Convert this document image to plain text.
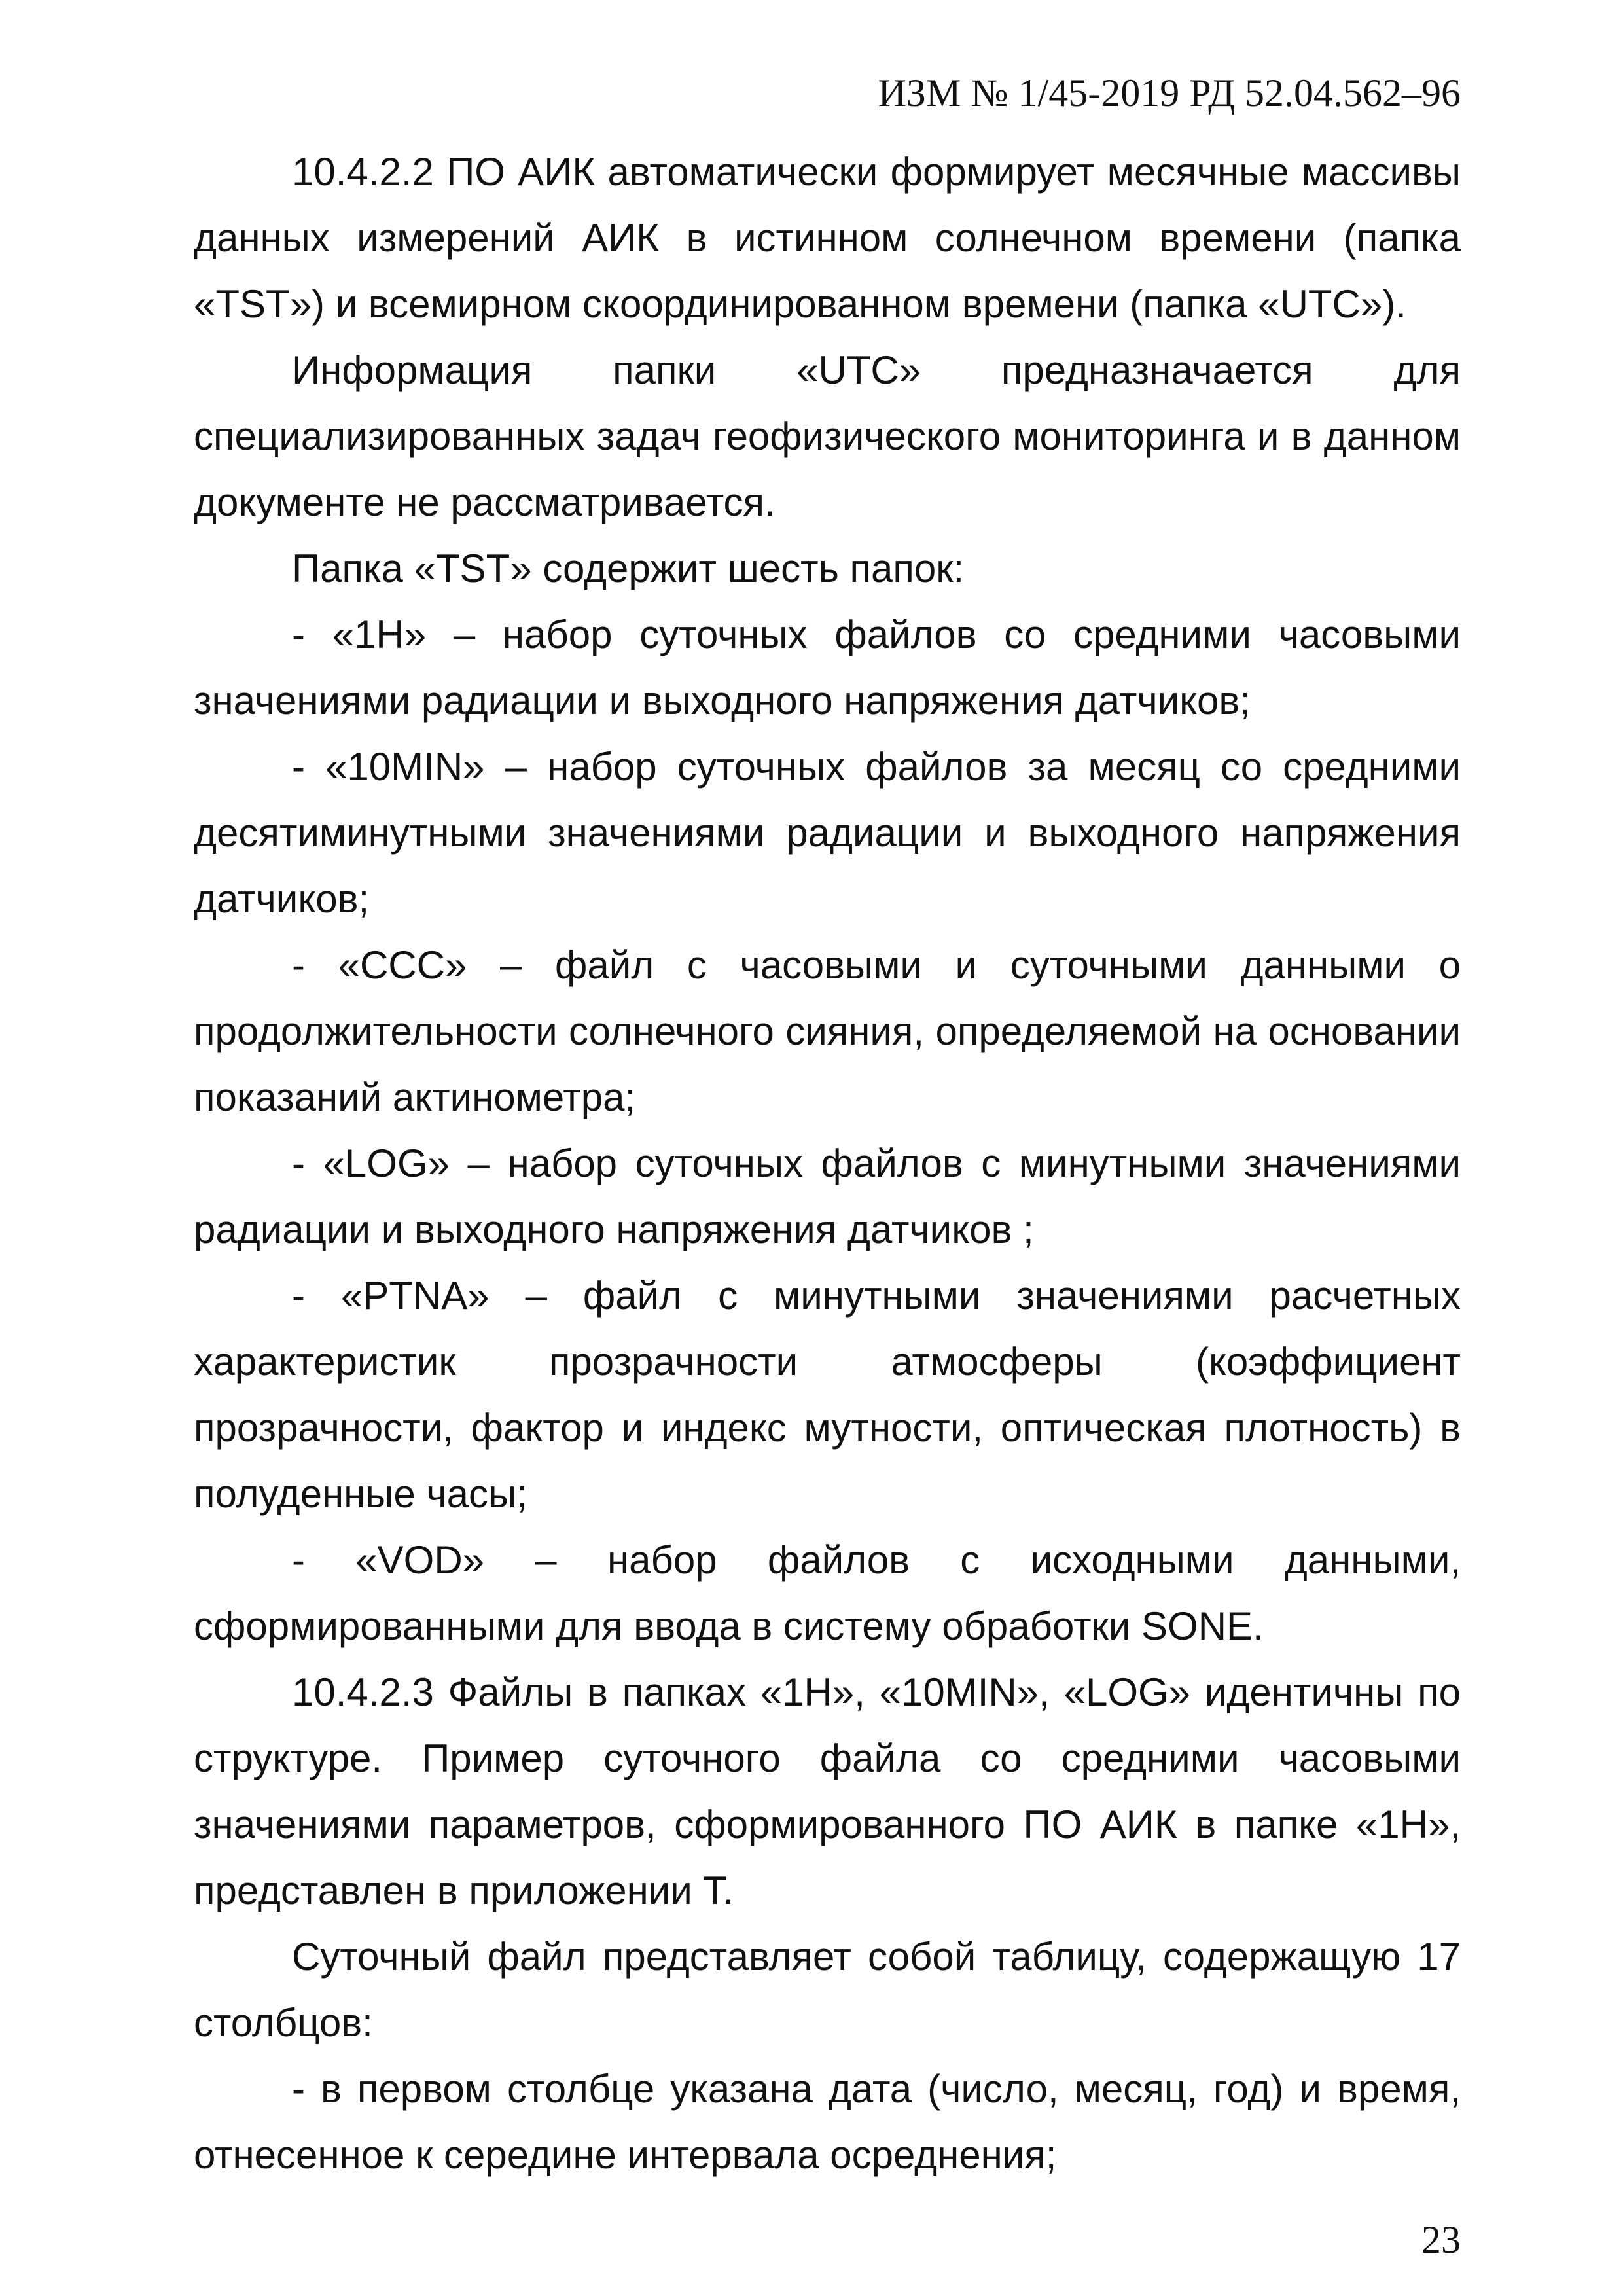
ИЗМ № 1/45-2019 РД 52.04.562–96

10.4.2.2 ПО АИК автоматически формирует месячные массивы данных измерений АИК в истинном солнечном времени (папка «TST») и всемирном скоординированном времени (папка «UTC»).

Информация папки «UTC» предназначается для специализированных задач геофизического мониторинга и в данном документе не рассматривается.

Папка «TST» содержит шесть папок:

- «1H» – набор суточных файлов со средними часовыми значениями радиации и выходного напряжения датчиков;

- «10MIN» – набор суточных файлов за месяц со средними десятиминутными значениями радиации и выходного напряжения датчиков;

- «CCC» – файл с часовыми и суточными данными о продолжительности солнечного сияния, определяемой на основании показаний актинометра;

- «LOG» – набор суточных файлов с минутными значениями радиации и выходного напряжения датчиков ;

- «PTNA» – файл с минутными значениями расчетных характеристик прозрачности атмосферы (коэффициент прозрачности, фактор и индекс мутности, оптическая плотность) в полуденные часы;

- «VOD» – набор файлов с исходными данными, сформированными для ввода в систему обработки SONE.

10.4.2.3 Файлы в папках «1H», «10MIN», «LOG» идентичны по структуре. Пример суточного файла со средними часовыми значениями параметров, сформированного ПО АИК в папке «1H», представлен в приложении Т.

Суточный файл представляет собой таблицу, содержащую 17 столбцов:

- в первом столбце указана дата (число, месяц, год) и время, отнесенное к середине интервала осреднения;

23
